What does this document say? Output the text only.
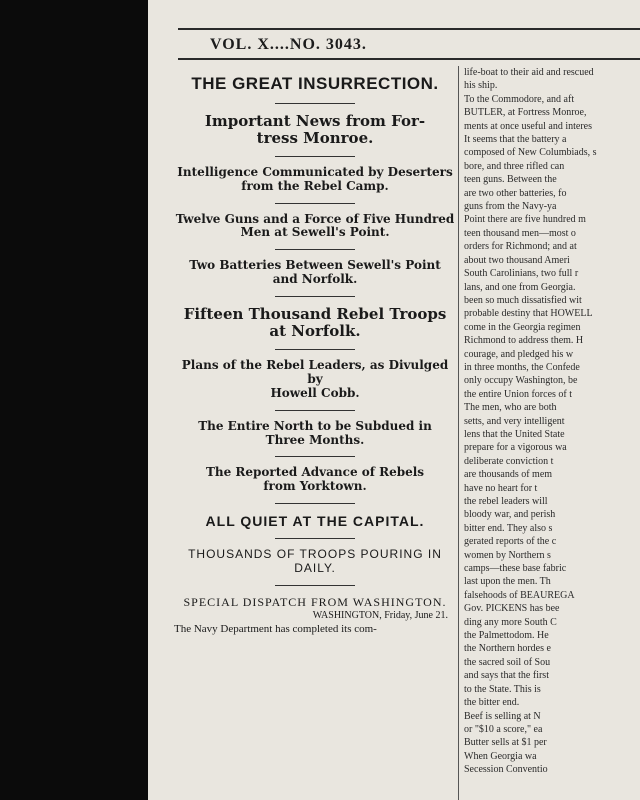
VOL. X....NO. 3043.

THE GREAT INSURRECTION.

Important News from For-
tress Monroe.

Intelligence Communicated by Deserters
from the Rebel Camp.

Twelve Guns and a Force of Five Hundred
Men at Sewell's Point.

Two Batteries Between Sewell's Point
and Norfolk.

Fifteen Thousand Rebel Troops
at Norfolk.

Plans of the Rebel Leaders, as Divulged by
Howell Cobb.

The Entire North to be Subdued in
Three Months.

The Reported Advance of Rebels
from Yorktown.

ALL QUIET AT THE CAPITAL.

THOUSANDS OF TROOPS POURING IN DAILY.

SPECIAL DISPATCH FROM WASHINGTON.
WASHINGTON, Friday, June 21.
The Navy Department has completed its com-

life-boat to their aid and rescued

his ship.

To the Commodore, and aft

BUTLER, at Fortress Monroe,

ments at once useful and interes

It seems that the battery a

composed of New Columbiads, s

bore, and three rifled can

teen guns. Between the

are two other batteries, fo

guns from the Navy-ya

Point there are five hundred m

teen thousand men—most o

orders for Richmond; and at

about two thousand Ameri

South Carolinians, two full r

lans, and one from Georgia.

been so much dissatisfied wit

probable destiny that HOWELL

come in the Georgia regimen

Richmond to address them. H

courage, and pledged his w

in three months, the Confede

only occupy Washington, be

the entire Union forces of t

The men, who are both

setts, and very intelligent

lens that the United State

prepare for a vigorous wa

deliberate conviction t

are thousands of mem

have no heart for t

the rebel leaders will

bloody war, and perish

bitter end. They also s

gerated reports of the c

women by Northern s

camps—these base fabric

last upon the men. Th

falsehoods of BEAUREGA

Gov. PICKENS has bee

ding any more South C

the Palmettodom. He

the Northern hordes e

the sacred soil of Sou

and says that the first

to the State. This is

the bitter end.

Beef is selling at N

or "$10 a score," ea

Butter sells at $1 per

When Georgia wa

Secession Conventio
